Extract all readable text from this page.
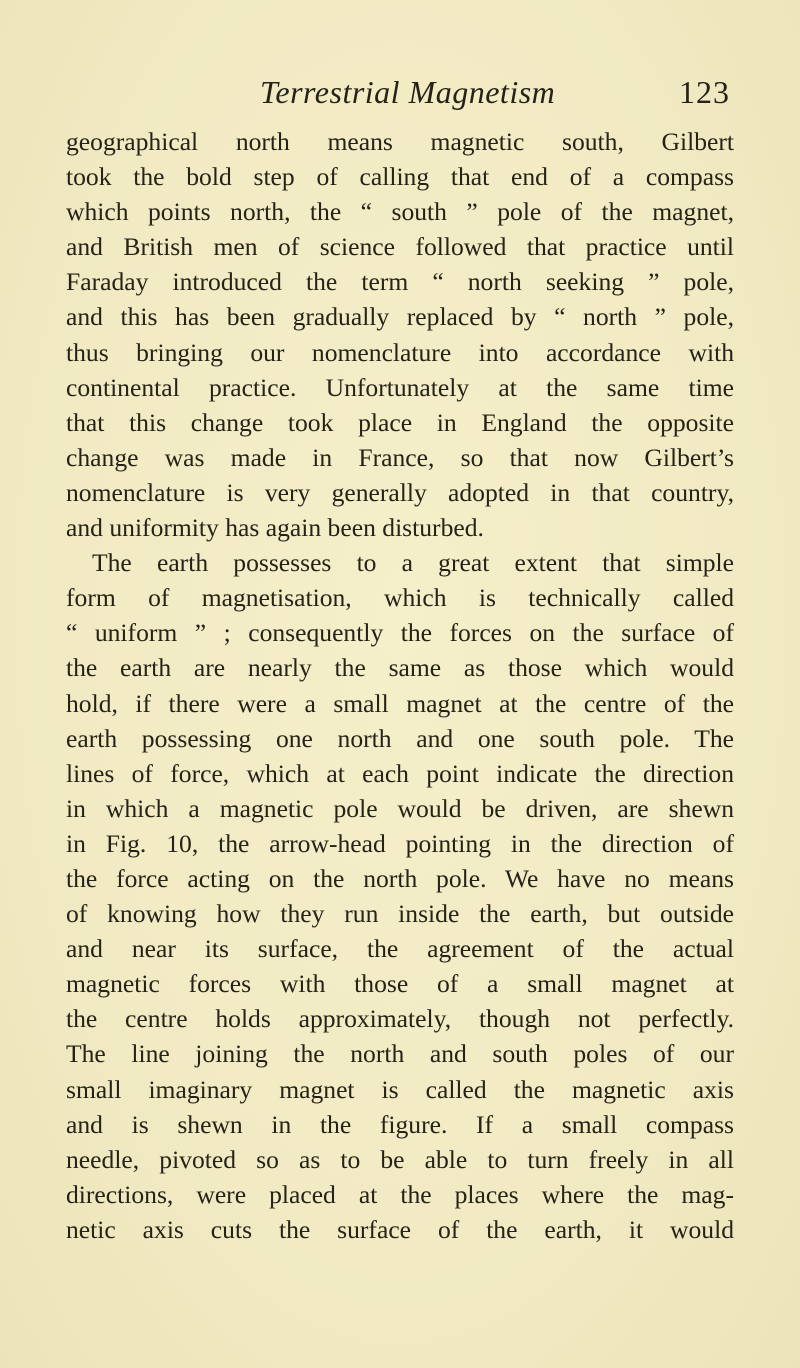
Terrestrial Magnetism	123
geographical north means magnetic south, Gilbert
took the bold step of calling that end of a compass
which points north, the “ south ” pole of the magnet,
and British men of science followed that practice until
Faraday introduced the term “ north seeking ” pole,
and this has been gradually replaced by “ north ” pole,
thus bringing our nomenclature into accordance with
continental practice. Unfortunately at the same time
that this change took place in England the opposite
change was made in France, so that now Gilbert’s
nomenclature is very generally adopted in that country,
and uniformity has again been disturbed.
The earth possesses to a great extent that simple
form of magnetisation, which is technically called
“ uniform ” ; consequently the forces on the surface of
the earth are nearly the same as those which would
hold, if there were a small magnet at the centre of the
earth possessing one north and one south pole. The
lines of force, which at each point indicate the direction
in which a magnetic pole would be driven, are shewn
in Fig. 10, the arrow-head pointing in the direction of
the force acting on the north pole. We have no means
of knowing how they run inside the earth, but outside
and near its surface, the agreement of the actual
magnetic forces with those of a small magnet at
the centre holds approximately, though not perfectly.
The line joining the north and south poles of our
small imaginary magnet is called the magnetic axis
and is shewn in the figure. If a small compass
needle, pivoted so as to be able to turn freely in all
directions, were placed at the places where the mag-
netic axis cuts the surface of the earth, it would
